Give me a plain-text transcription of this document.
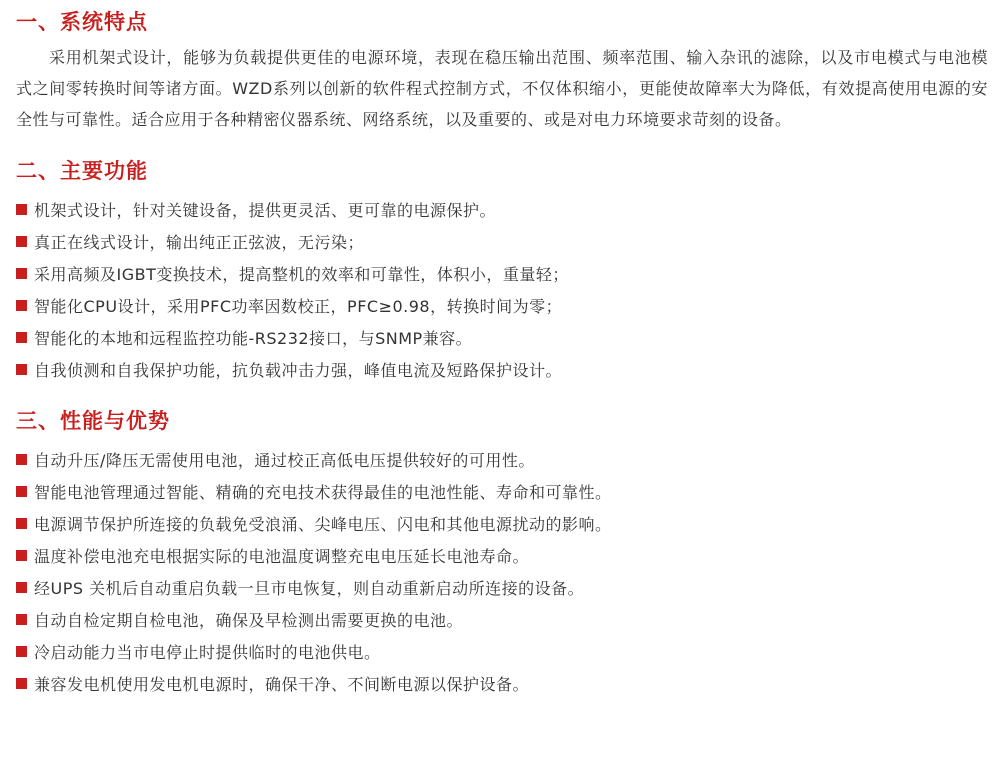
一、系统特点

采用机架式设计，能够为负载提供更佳的电源环境，表现在稳压输出范围、频率范围、输入杂讯的滤除，以及市电模式与电池模式之间零转换时间等诸方面。WZD系列以创新的软件程式控制方式，不仅体积缩小，更能使故障率大为降低，有效提高使用电源的安全性与可靠性。适合应用于各种精密仪器系统、网络系统，以及重要的、或是对电力环境要求苛刻的设备。

二、主要功能
机架式设计，针对关键设备，提供更灵活、更可靠的电源保护。
真正在线式设计，输出纯正正弦波，无污染；
采用高频及IGBT变换技术，提高整机的效率和可靠性，体积小，重量轻；
智能化CPU设计，采用PFC功率因数校正，PFC≥0.98，转换时间为零；
智能化的本地和远程监控功能-RS232接口，与SNMP兼容。
自我侦测和自我保护功能，抗负载冲击力强，峰值电流及短路保护设计。
三、性能与优势
自动升压/降压无需使用电池，通过校正高低电压提供较好的可用性。
智能电池管理通过智能、精确的充电技术获得最佳的电池性能、寿命和可靠性。
电源调节保护所连接的负载免受浪涌、尖峰电压、闪电和其他电源扰动的影响。
温度补偿电池充电根据实际的电池温度调整充电电压延长电池寿命。
经UPS 关机后自动重启负载一旦市电恢复，则自动重新启动所连接的设备。
自动自检定期自检电池，确保及早检测出需要更换的电池。
冷启动能力当市电停止时提供临时的电池供电。
兼容发电机使用发电机电源时，确保干净、不间断电源以保护设备。
